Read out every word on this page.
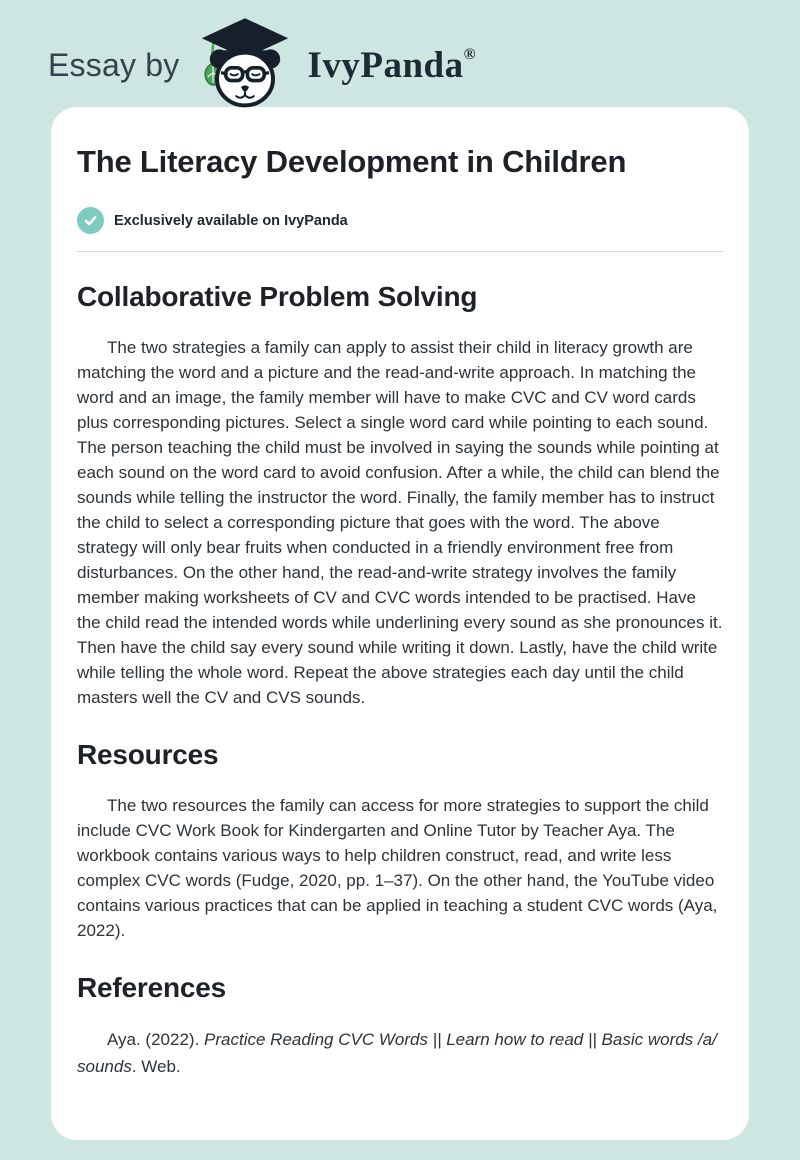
Essay by	IvyPanda®
The Literacy Development in Children
Exclusively available on IvyPanda
Collaborative Problem Solving

The two strategies a family can apply to assist their child in literacy growth are matching the word and a picture and the read-and-write approach. In matching the word and an image, the family member will have to make CVC and CV word cards plus corresponding pictures. Select a single word card while pointing to each sound. The person teaching the child must be involved in saying the sounds while pointing at each sound on the word card to avoid confusion. After a while, the child can blend the sounds while telling the instructor the word. Finally, the family member has to instruct the child to select a corresponding picture that goes with the word. The above strategy will only bear fruits when conducted in a friendly environment free from disturbances. On the other hand, the read-and-write strategy involves the family member making worksheets of CV and CVC words intended to be practised. Have the child read the intended words while underlining every sound as she pronounces it. Then have the child say every sound while writing it down. Lastly, have the child write while telling the whole word. Repeat the above strategies each day until the child masters well the CV and CVS sounds.

Resources

The two resources the family can access for more strategies to support the child include CVC Work Book for Kindergarten and Online Tutor by Teacher Aya. The workbook contains various ways to help children construct, read, and write less complex CVC words (Fudge, 2020, pp. 1–37). On the other hand, the YouTube video contains various practices that can be applied in teaching a student CVC words (Aya, 2022).

References

Aya. (2022). Practice Reading CVC Words || Learn how to read || Basic words /a/ sounds. Web.
